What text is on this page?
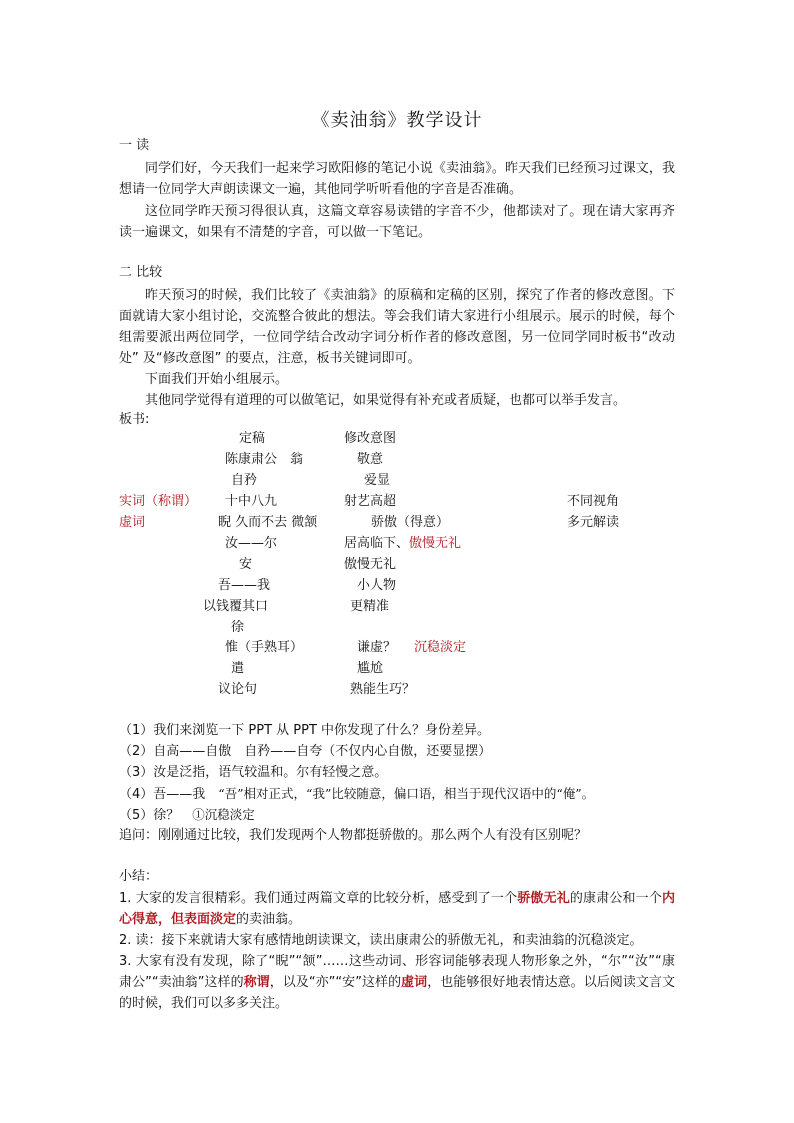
《卖油翁》教学设计
一 读
同学们好，今天我们一起来学习欧阳修的笔记小说《卖油翁》。昨天我们已经预习过课文，我想请一位同学大声朗读课文一遍，其他同学听听看他的字音是否准确。
这位同学昨天预习得很认真，这篇文章容易读错的字音不少，他都读对了。现在请大家再齐读一遍课文，如果有不清楚的字音，可以做一下笔记。
二 比较
昨天预习的时候，我们比较了《卖油翁》的原稿和定稿的区别，探究了作者的修改意图。下面就请大家小组讨论，交流整合彼此的想法。等会我们请大家进行小组展示。展示的时候，每个组需要派出两位同学，一位同学结合改动字词分析作者的修改意图，另一位同学同时板书“改动处” 及“修改意图” 的要点，注意，板书关键词即可。
下面我们开始小组展示。
其他同学觉得有道理的可以做笔记，如果觉得有补充或者质疑，也都可以举手发言。
板书:
定稿	修改意图
陈康肃公　翁	敬意
自矜	爱显
实词（称谓） 十中八九	射艺高超	不同视角
虚词	睨 久而不去 微颔	骄傲（得意）	多元解读
汝——尔	居高临下、傲慢无礼
安	傲慢无礼
吾——我	小人物
以钱覆其口	更精准
徐
惟（手熟耳）	谦虚？ 沉稳淡定
遣	尴尬
议论句	熟能生巧？
（1）我们来浏览一下 PPT 从 PPT 中你发现了什么？身份差异。
（2）自高——自傲　自矜——自夸（不仅内心自傲，还要显摆）
（3）汝是泛指，语气较温和。尔有轻慢之意。
（4）吾——我　“吾”相对正式，“我”比较随意，偏口语，相当于现代汉语中的“俺”。
（5）徐？　①沉稳淡定
追问：刚刚通过比较，我们发现两个人物都挺骄傲的。那么两个人有没有区别呢？
小结：
1. 大家的发言很精彩。我们通过两篇文章的比较分析，感受到了一个骄傲无礼的康肃公和一个内心得意，但表面淡定的卖油翁。
2. 读：接下来就请大家有感情地朗读课文，读出康肃公的骄傲无礼，和卖油翁的沉稳淡定。
3. 大家有没有发现，除了“睨”“颔”……这些动词、形容词能够表现人物形象之外，“尔”“汝”“康肃公”“卖油翁”这样的称谓，以及“亦”“安”这样的虚词，也能够很好地表情达意。以后阅读文言文的时候，我们可以多多关注。
